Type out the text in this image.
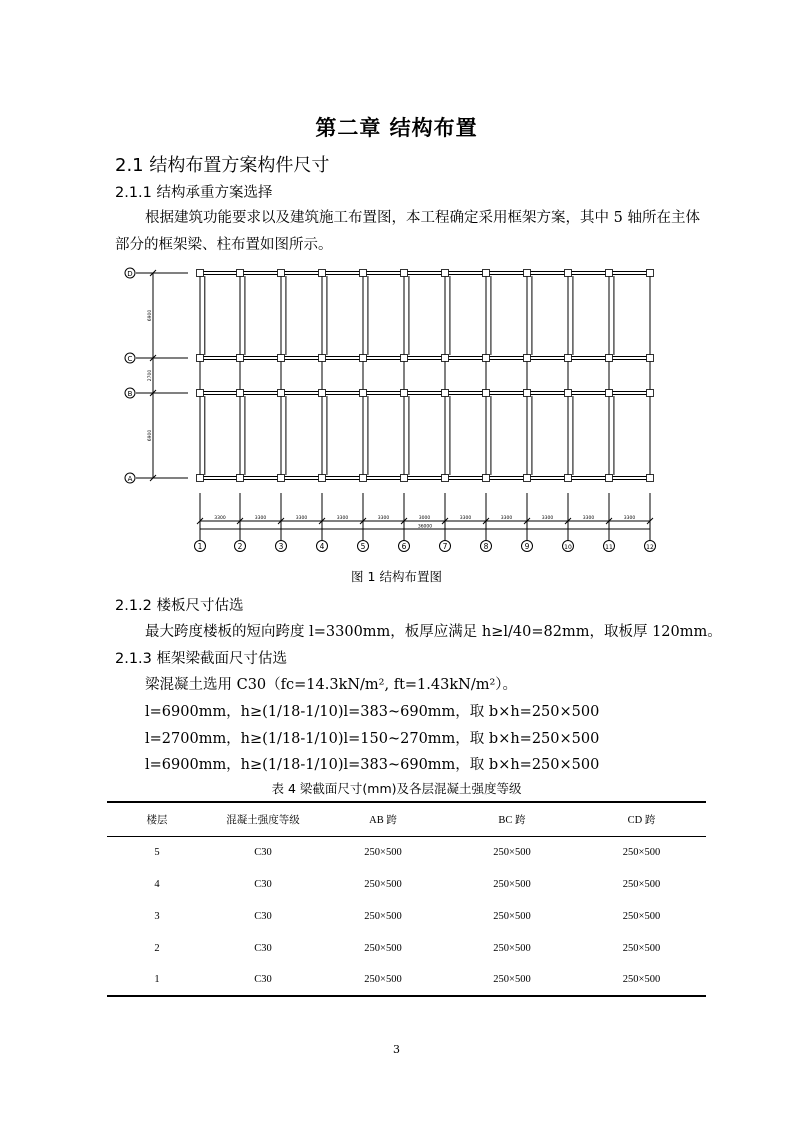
第二章 结构布置
2.1 结构布置方案构件尺寸
2.1.1 结构承重方案选择
根据建筑功能要求以及建筑施工布置图，本工程确定采用框架方案，其中 5 轴所在主体部分的框架梁、柱布置如图所示。
D
C
B
A
6900
2700
6900
3300	3300	3300	3300	3300	3000	3300	3300	3300	3300	3300
36000
1	2	3	4	5	6	7	8	9	10	11	12
图 1 结构布置图
2.1.2 楼板尺寸估选
最大跨度楼板的短向跨度 l=3300mm，板厚应满足 h≥l/40=82mm，取板厚 120mm。
2.1.3 框架梁截面尺寸估选
梁混凝土选用 C30（fc=14.3kN/m², ft=1.43kN/m²）。
l=6900mm，h≥(1/18-1/10)l=383~690mm，取 b×h=250×500
l=2700mm，h≥(1/18-1/10)l=150~270mm，取 b×h=250×500
l=6900mm，h≥(1/18-1/10)l=383~690mm，取 b×h=250×500
表 4 梁截面尺寸(mm)及各层混凝土强度等级
楼层	混凝土强度等级	AB 跨	BC 跨	CD 跨
5	C30	250×500	250×500	250×500
4	C30	250×500	250×500	250×500
3	C30	250×500	250×500	250×500
2	C30	250×500	250×500	250×500
1	C30	250×500	250×500	250×500
3
